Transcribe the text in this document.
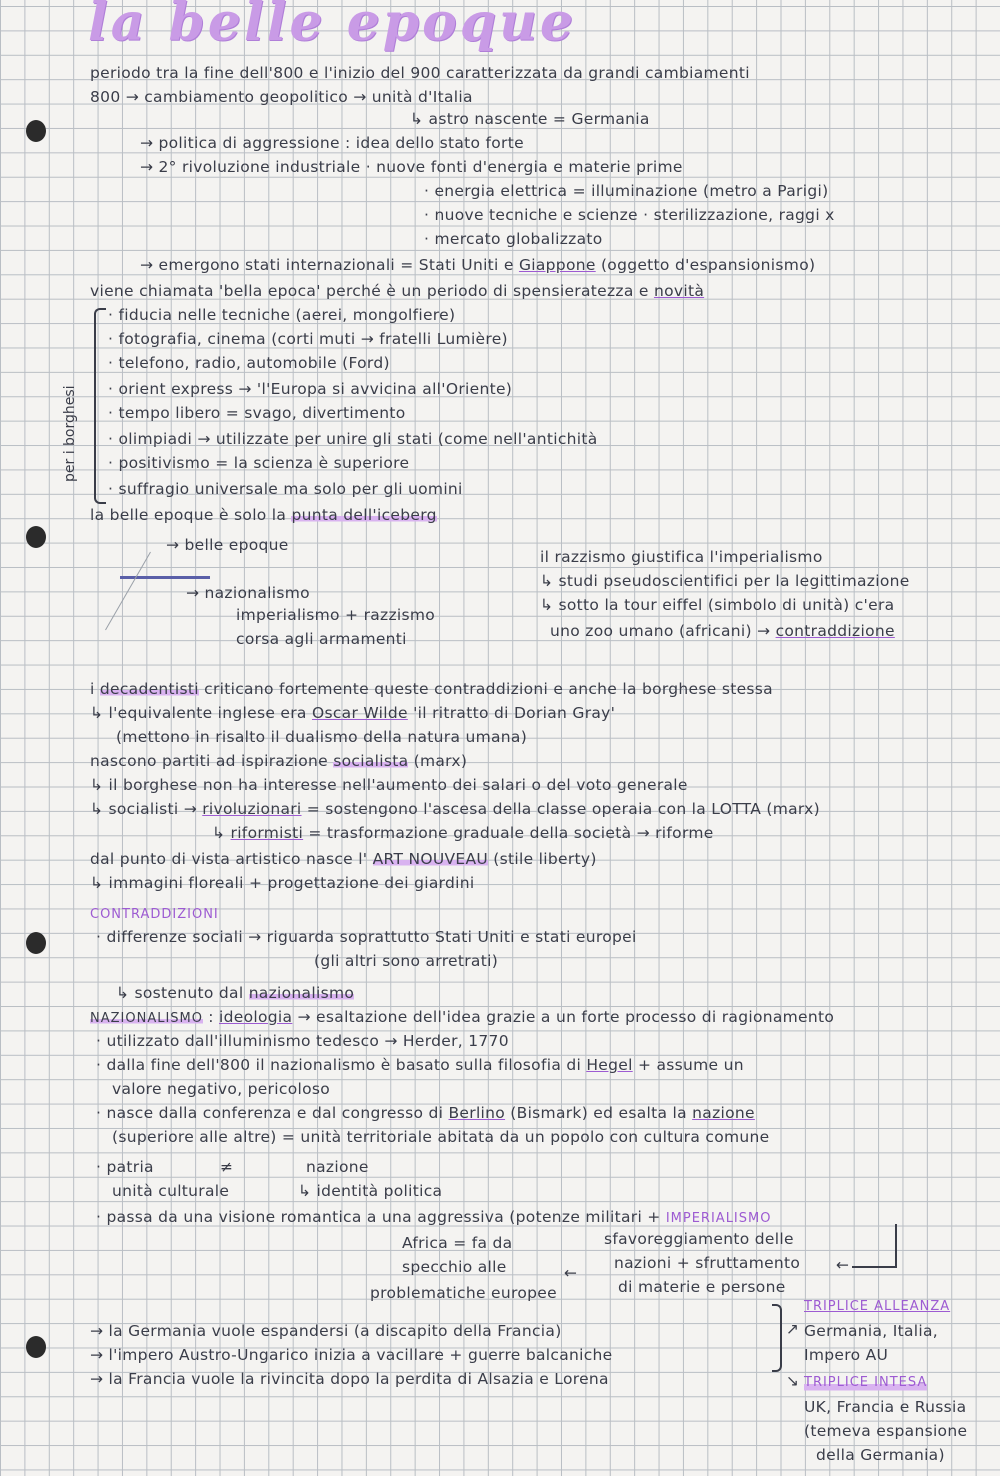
la belle epoque
periodo tra la fine dell'800 e l'inizio del 900 caratterizzata da grandi cambiamenti
800 → cambiamento geopolitico → unità d'Italia
↳ astro nascente = Germania
→ politica di aggressione : idea dello stato forte
→ 2° rivoluzione industriale · nuove fonti d'energia e materie prime
· energia elettrica = illuminazione (metro a Parigi)
· nuove tecniche e scienze · sterilizzazione, raggi x
· mercato globalizzato
→ emergono stati internazionali = Stati Uniti e Giappone (oggetto d'espansionismo)
viene chiamata 'bella epoca' perché è un periodo di spensieratezza e novità
per i borghesi
· fiducia nelle tecniche (aerei, mongolfiere)
· fotografia, cinema (corti muti → fratelli Lumière)
· telefono, radio, automobile (Ford)
· orient express → 'l'Europa si avvicina all'Oriente)
· tempo libero = svago, divertimento
· olimpiadi → utilizzate per unire gli stati (come nell'antichità
· positivismo = la scienza è superiore
· suffragio universale ma solo per gli uomini
la belle epoque è solo la punta dell'iceberg
→ belle epoque
→ nazionalismo
imperialismo + razzismo
corsa agli armamenti
il razzismo giustifica l'imperialismo
↳ studi pseudoscientifici per la legittimazione
↳ sotto la tour eiffel (simbolo di unità) c'era
uno zoo umano (africani) → contraddizione
i decadentisti criticano fortemente queste contraddizioni e anche la borghese stessa
↳ l'equivalente inglese era Oscar Wilde 'il ritratto di Dorian Gray'
(mettono in risalto il dualismo della natura umana)
nascono partiti ad ispirazione socialista (marx)
↳ il borghese non ha interesse nell'aumento dei salari o del voto generale
↳ socialisti → rivoluzionari = sostengono l'ascesa della classe operaia con la LOTTA (marx)
↳ riformisti = trasformazione graduale della società → riforme
dal punto di vista artistico nasce l' ART NOUVEAU (stile liberty)
↳ immagini floreali + progettazione dei giardini
CONTRADDIZIONI
· differenze sociali → riguarda soprattutto Stati Uniti e stati europei
(gli altri sono arretrati)
↳ sostenuto dal nazionalismo
NAZIONALISMO : ideologia → esaltazione dell'idea grazie a un forte processo di ragionamento
· utilizzato dall'illuminismo tedesco → Herder, 1770
· dalla fine dell'800 il nazionalismo è basato sulla filosofia di Hegel + assume un
valore negativo, pericoloso
· nasce dalla conferenza e dal congresso di Berlino (Bismark) ed esalta la nazione
(superiore alle altre) = unità territoriale abitata da un popolo con cultura comune
· patria	≠	nazione
unità culturale	↳ identità politica
· passa da una visione romantica a una aggressiva (potenze militari + IMPERIALISMO
Africa = fa da
specchio alle
problematiche europee
sfavoreggiamento delle
nazioni + sfruttamento
di materie e persone
←	←
→ la Germania vuole espandersi (a discapito della Francia)
→ l'impero Austro-Ungarico inizia a vacillare + guerre balcaniche
→ la Francia vuole la rivincita dopo la perdita di Alsazia e Lorena
↗
↘
TRIPLICE ALLEANZA
Germania, Italia,
Impero AU
TRIPLICE INTESA
UK, Francia e Russia
(temeva espansione
della Germania)
